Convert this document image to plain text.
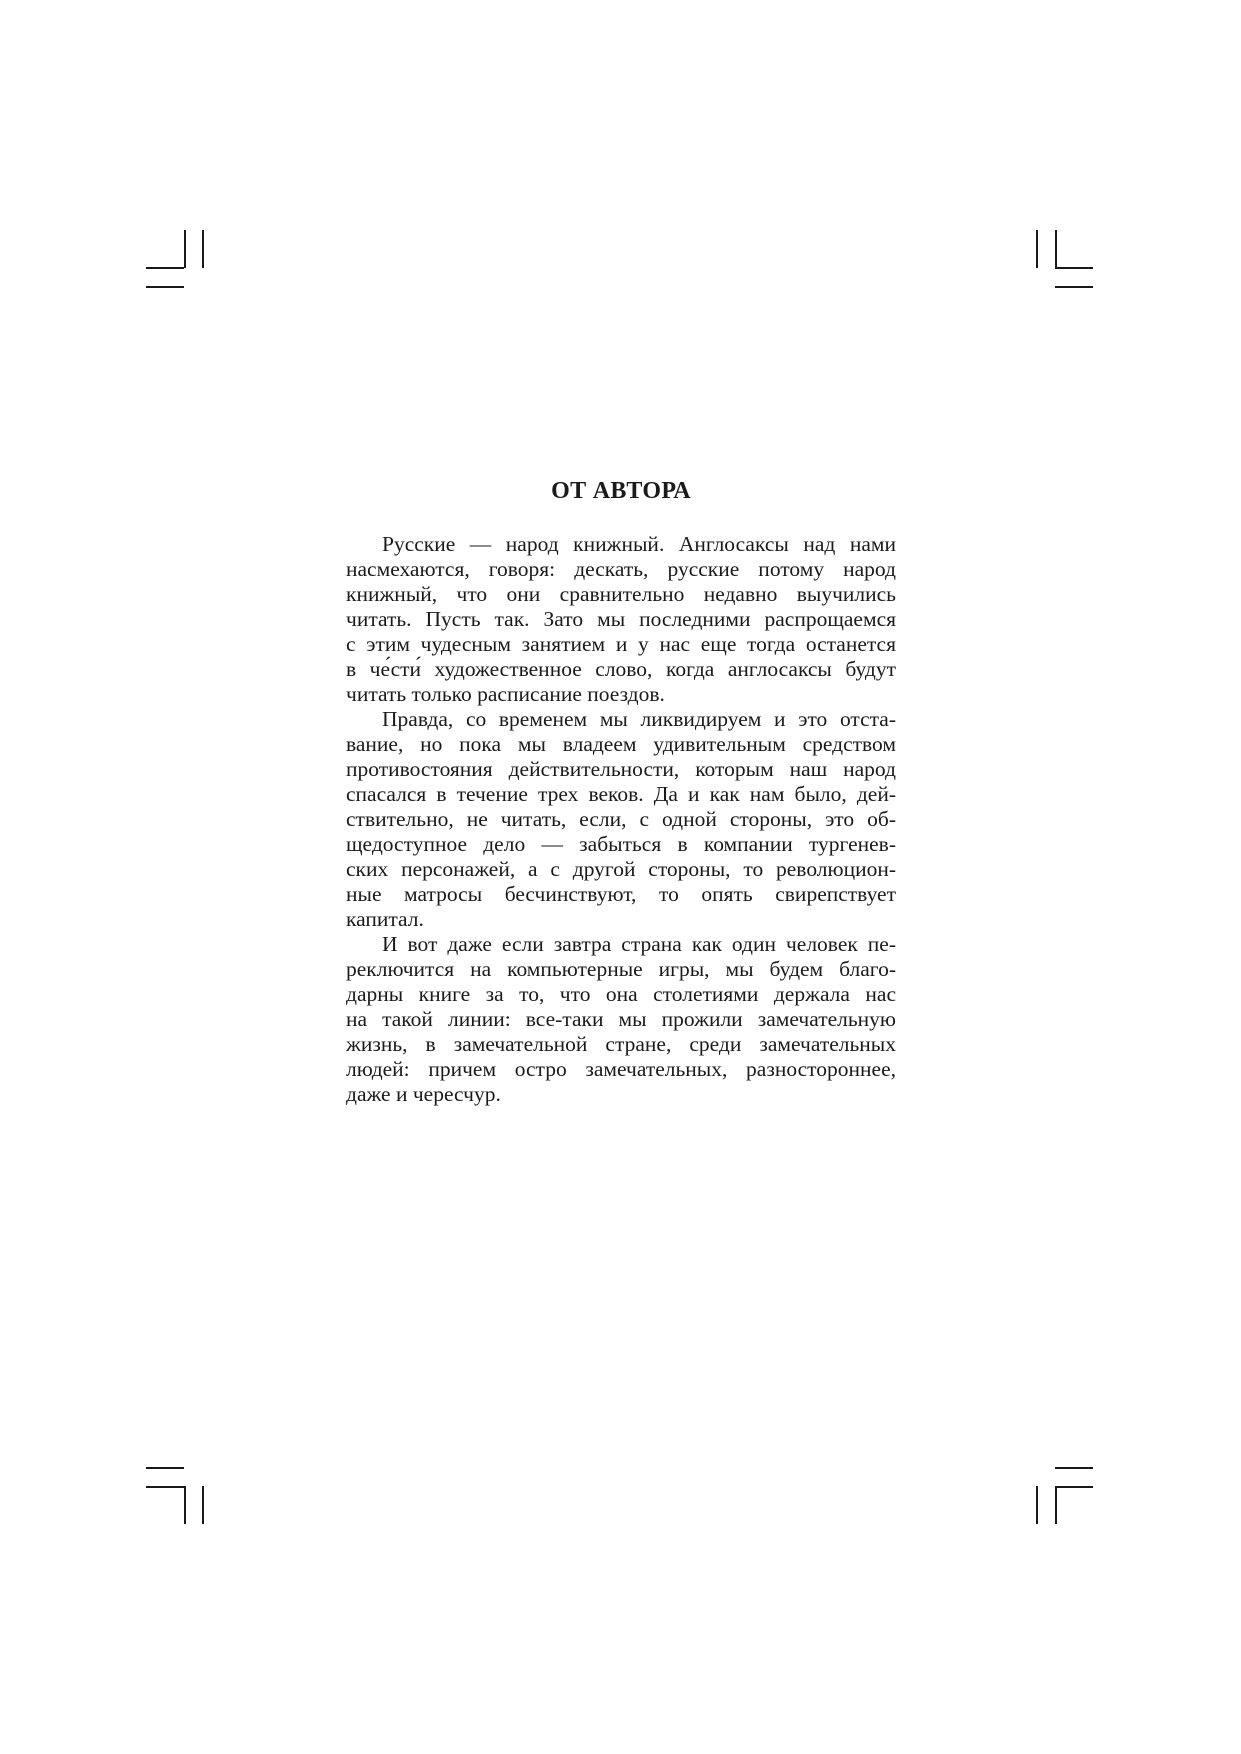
ОТ АВТОРА
Русские — народ книжный. Англосаксы над нами
насмехаются, говоря: дескать, русские потому народ
книжный, что они сравнительно недавно выучились
читать. Пусть так. Зато мы последними распрощаемся
с этим чудесным занятием и у нас еще тогда останется
в че́сти́ художественное слово, когда англосаксы будут
читать только расписание поездов.
Правда, со временем мы ликвидируем и это отста-
вание, но пока мы владеем удивительным средством
противостояния действительности, которым наш народ
спасался в течение трех веков. Да и как нам было, дей-
ствительно, не читать, если, с одной стороны, это об-
щедоступное дело — забыться в компании тургенев-
ских персонажей, а с другой стороны, то революцион-
ные матросы бесчинствуют, то опять свирепствует
капитал.
И вот даже если завтра страна как один человек пе-
реключится на компьютерные игры, мы будем благо-
дарны книге за то, что она столетиями держала нас
на такой линии: все-таки мы прожили замечательную
жизнь, в замечательной стране, среди замечательных
людей: причем остро замечательных, разностороннее,
даже и чересчур.
